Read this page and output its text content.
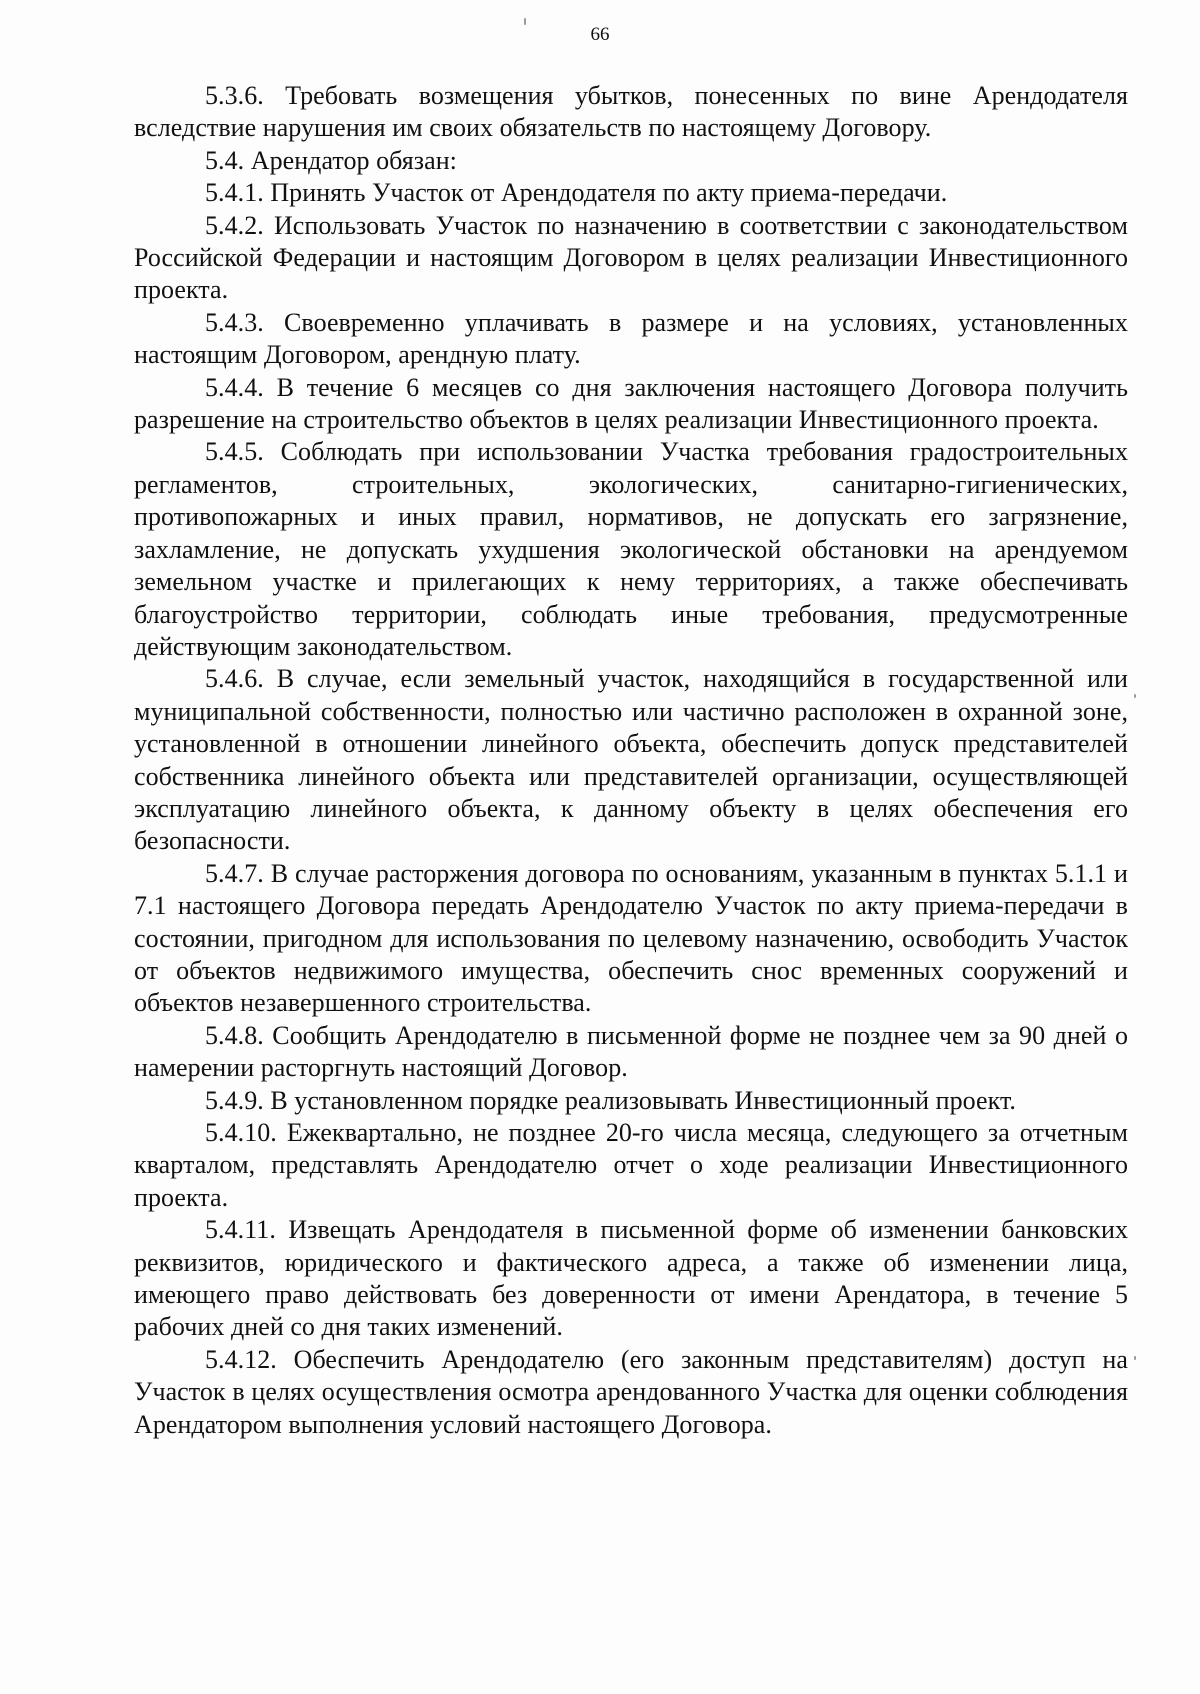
66

5.3.6. Требовать возмещения убытков, понесенных по вине Арендодателя вследствие нарушения им своих обязательств по настоящему Договору.

5.4. Арендатор обязан:

5.4.1. Принять Участок от Арендодателя по акту приема-передачи.

5.4.2. Использовать Участок по назначению в соответствии с законодательством Российской Федерации и настоящим Договором в целях реализации Инвестиционного проекта.

5.4.3. Своевременно уплачивать в размере и на условиях, установленных настоящим Договором, арендную плату.

5.4.4. В течение 6 месяцев со дня заключения настоящего Договора получить разрешение на строительство объектов в целях реализации Инвестиционного проекта.

5.4.5. Соблюдать при использовании Участка требования градостроительных регламентов, строительных, экологических, санитарно-гигиенических, противопожарных и иных правил, нормативов, не допускать его загрязнение, захламление, не допускать ухудшения экологической обстановки на арендуемом земельном участке и прилегающих к нему территориях, а также обеспечивать благоустройство территории, соблюдать иные требования, предусмотренные действующим законодательством.

5.4.6. В случае, если земельный участок, находящийся в государственной или муниципальной собственности, полностью или частично расположен в охранной зоне, установленной в отношении линейного объекта, обеспечить допуск представителей собственника линейного объекта или представителей организации, осуществляющей эксплуатацию линейного объекта, к данному объекту в целях обеспечения его безопасности.

5.4.7. В случае расторжения договора по основаниям, указанным в пунктах 5.1.1 и 7.1 настоящего Договора передать Арендодателю Участок по акту приема-передачи в состоянии, пригодном для использования по целевому назначению, освободить Участок от объектов недвижимого имущества, обеспечить снос временных сооружений и объектов незавершенного строительства.

5.4.8. Сообщить Арендодателю в письменной форме не позднее чем за 90 дней о намерении расторгнуть настоящий Договор.

5.4.9. В установленном порядке реализовывать Инвестиционный проект.

5.4.10. Ежеквартально, не позднее 20-го числа месяца, следующего за отчетным кварталом, представлять Арендодателю отчет о ходе реализации Инвестиционного проекта.

5.4.11. Извещать Арендодателя в письменной форме об изменении банковских реквизитов, юридического и фактического адреса, а также об изменении лица, имеющего право действовать без доверенности от имени Арендатора, в течение 5 рабочих дней со дня таких изменений.

5.4.12. Обеспечить Арендодателю (его законным представителям) доступ на Участок в целях осуществления осмотра арендованного Участка для оценки соблюдения Арендатором выполнения условий настоящего Договора.
